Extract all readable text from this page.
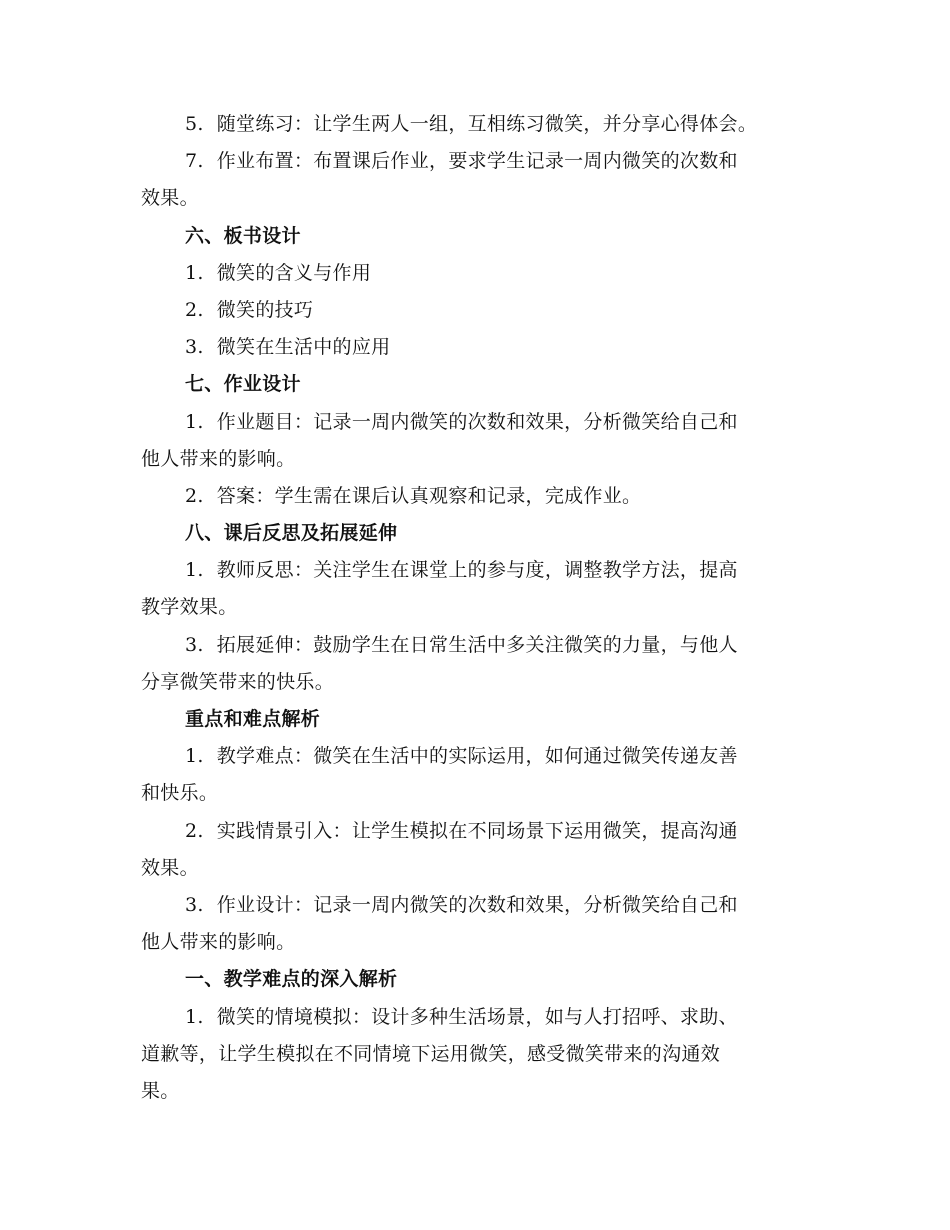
5. 随堂练习：让学生两人一组，互相练习微笑，并分享心得体会。
7. 作业布置：布置课后作业，要求学生记录一周内微笑的次数和
效果。
六、板书设计
1. 微笑的含义与作用
2. 微笑的技巧
3. 微笑在生活中的应用
七、作业设计
1. 作业题目：记录一周内微笑的次数和效果，分析微笑给自己和
他人带来的影响。
2. 答案：学生需在课后认真观察和记录，完成作业。
八、课后反思及拓展延伸
1. 教师反思：关注学生在课堂上的参与度，调整教学方法，提高
教学效果。
3. 拓展延伸：鼓励学生在日常生活中多关注微笑的力量，与他人
分享微笑带来的快乐。
重点和难点解析
1. 教学难点：微笑在生活中的实际运用，如何通过微笑传递友善
和快乐。
2. 实践情景引入：让学生模拟在不同场景下运用微笑，提高沟通
效果。
3. 作业设计：记录一周内微笑的次数和效果，分析微笑给自己和
他人带来的影响。
一、教学难点的深入解析
1. 微笑的情境模拟：设计多种生活场景，如与人打招呼、求助、
道歉等，让学生模拟在不同情境下运用微笑，感受微笑带来的沟通效
果。
